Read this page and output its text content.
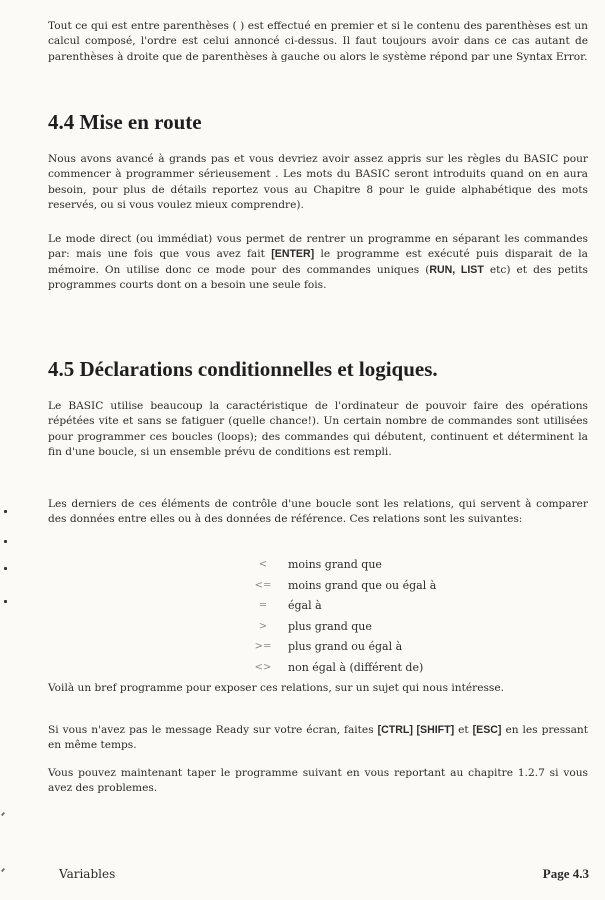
Tout ce qui est entre parenthèses ( ) est effectué en premier et si le contenu des parenthèses est un calcul composé, l'ordre est celui annoncé ci-dessus. Il faut toujours avoir dans ce cas autant de parenthèses à droite que de parenthèses à gauche ou alors le système répond par une Syntax Error.

4.4 Mise en route

Nous avons avancé à grands pas et vous devriez avoir assez appris sur les règles du BASIC pour commencer à programmer sérieusement . Les mots du BASIC seront introduits quand on en aura besoin, pour plus de détails reportez vous au Chapitre 8 pour le guide alphabétique des mots reservés, ou si vous voulez mieux comprendre).

Le mode direct (ou immédiat) vous permet de rentrer un programme en séparant les commandes par: mais une fois que vous avez fait [ENTER] le programme est exécuté puis disparait de la mémoire. On utilise donc ce mode pour des commandes uniques (RUN, LIST etc) et des petits programmes courts dont on a besoin une seule fois.

4.5 Déclarations conditionnelles et logiques.

Le BASIC utilise beaucoup la caractéristique de l'ordinateur de pouvoir faire des opérations répétées vite et sans se fatiguer (quelle chance!). Un certain nombre de commandes sont utilisées pour programmer ces boucles (loops); des commandes qui débutent, continuent et déterminent la fin d'une boucle, si un ensemble prévu de conditions est rempli.

Les derniers de ces éléments de contrôle d'une boucle sont les relations, qui servent à comparer des données entre elles ou à des données de référence. Ces relations sont les suivantes:

<	moins grand que
<= moins grand que ou égal à
=	égal à
>	plus grand que
>= plus grand ou égal à
<> non égal à (différent de)

Voilà un bref programme pour exposer ces relations, sur un sujet qui nous intéresse.

Si vous n'avez pas le message Ready sur votre écran, faites [CTRL] [SHIFT] et [ESC] en les pressant en même temps.

Vous pouvez maintenant taper le programme suivant en vous reportant au chapitre 1.2.7 si vous avez des problemes.

Variables	Page 4.3
